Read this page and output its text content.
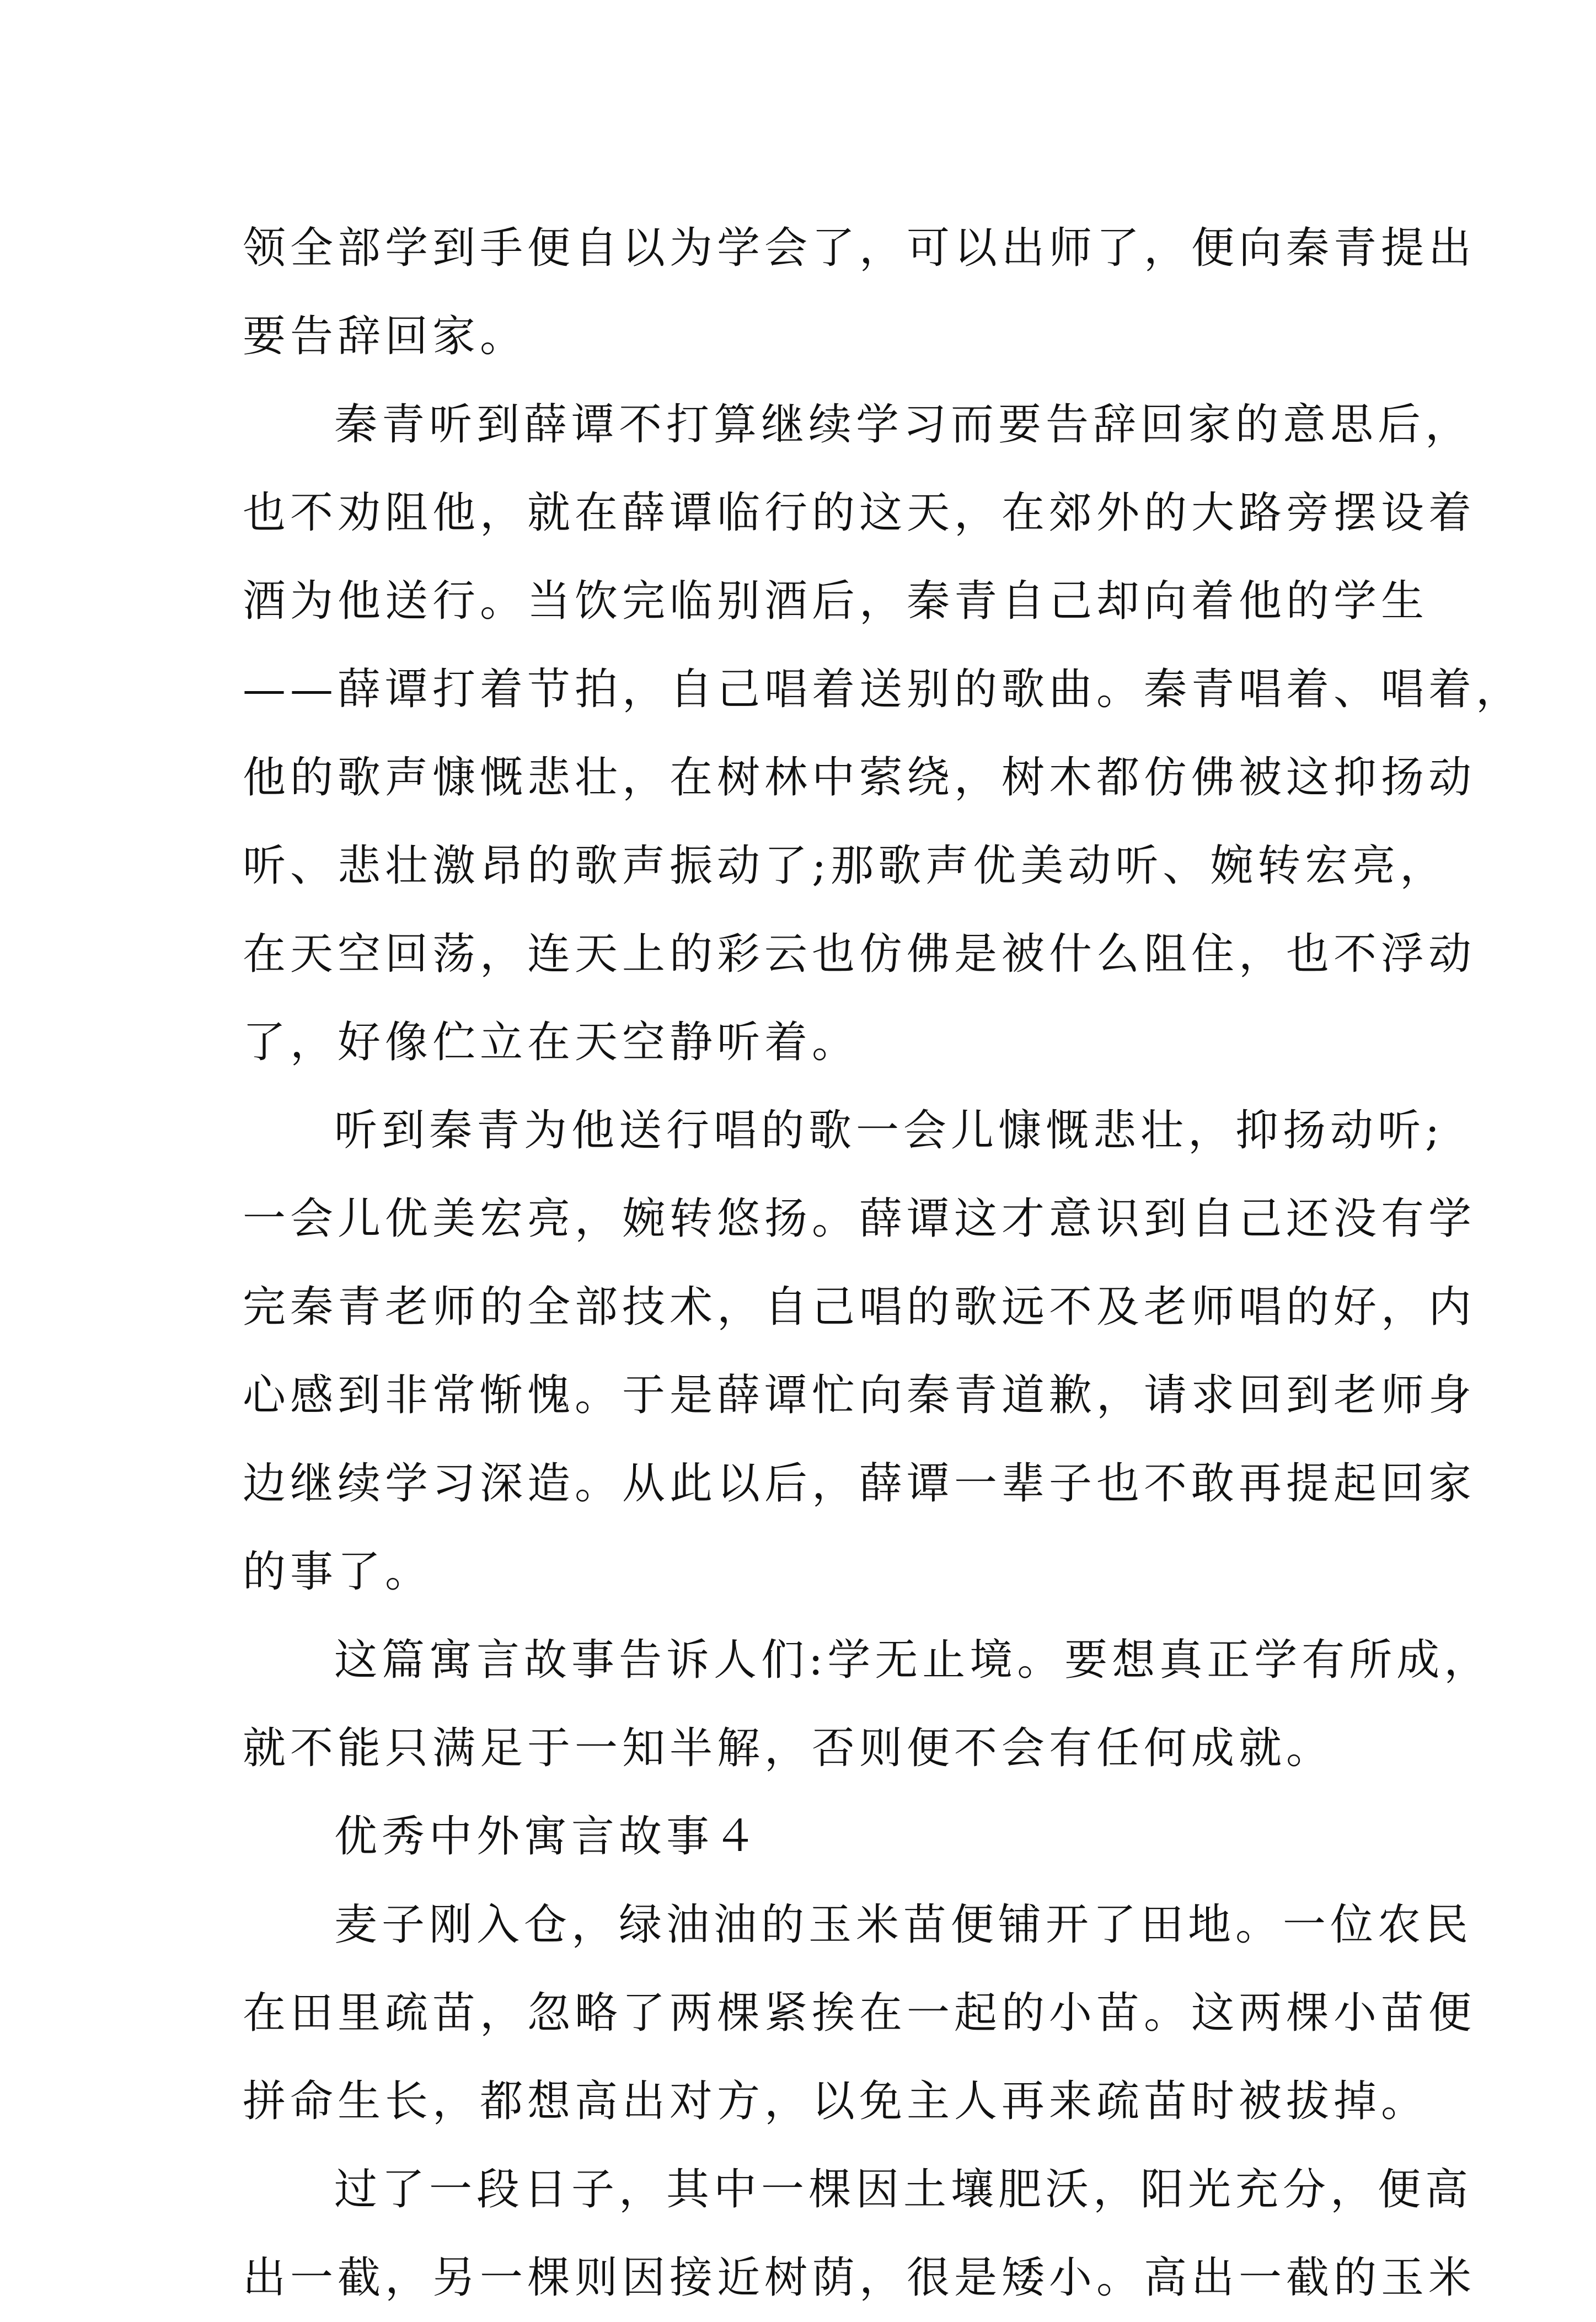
领全部学到手便自以为学会了，可以出师了，便向秦青提出
要告辞回家。
秦青听到薛谭不打算继续学习而要告辞回家的意思后，
也不劝阻他，就在薛谭临行的这天，在郊外的大路旁摆设着
酒为他送行。当饮完临别酒后，秦青自己却向着他的学生
——薛谭打着节拍，自己唱着送别的歌曲。秦青唱着、唱着，
他的歌声慷慨悲壮，在树林中萦绕，树木都仿佛被这抑扬动
听、悲壮激昂的歌声振动了;那歌声优美动听、婉转宏亮，
在天空回荡，连天上的彩云也仿佛是被什么阻住，也不浮动
了，好像伫立在天空静听着。
听到秦青为他送行唱的歌一会儿慷慨悲壮，抑扬动听;
一会儿优美宏亮，婉转悠扬。薛谭这才意识到自己还没有学
完秦青老师的全部技术，自己唱的歌远不及老师唱的好，内
心感到非常惭愧。于是薛谭忙向秦青道歉，请求回到老师身
边继续学习深造。从此以后，薛谭一辈子也不敢再提起回家
的事了。
这篇寓言故事告诉人们:学无止境。要想真正学有所成，
就不能只满足于一知半解，否则便不会有任何成就。
优秀中外寓言故事４
麦子刚入仓，绿油油的玉米苗便铺开了田地。一位农民
在田里疏苗，忽略了两棵紧挨在一起的小苗。这两棵小苗便
拼命生长，都想高出对方，以免主人再来疏苗时被拔掉。
过了一段日子，其中一棵因土壤肥沃，阳光充分，便高
出一截，另一棵则因接近树荫，很是矮小。高出一截的玉米
